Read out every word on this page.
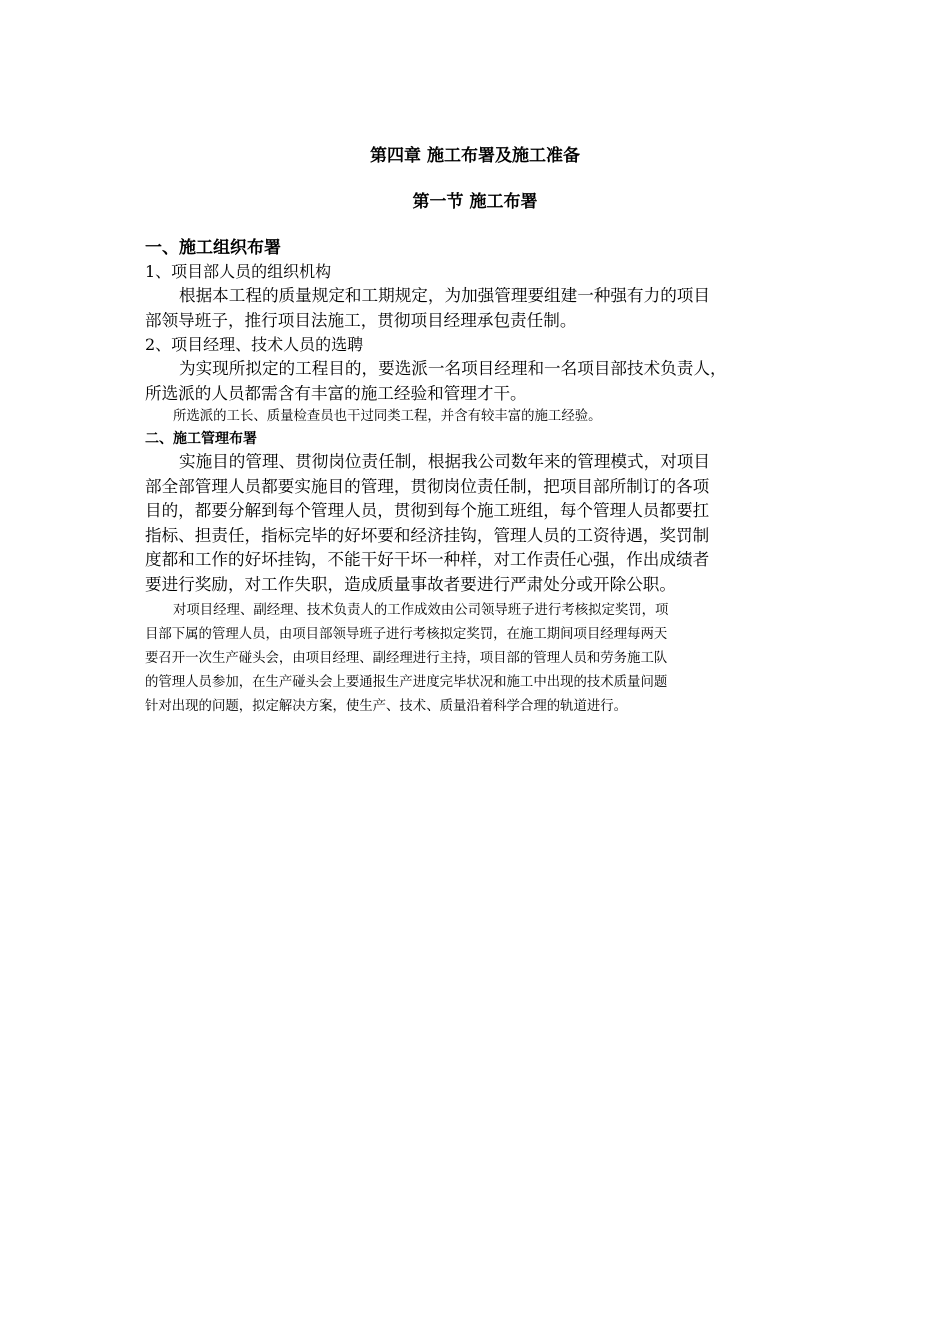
第四章 施工布署及施工准备
第一节 施工布署

一、施工组织布署

1、项目部人员的组织机构

根据本工程的质量规定和工期规定，为加强管理要组建一种强有力的项目
部领导班子，推行项目法施工，贯彻项目经理承包责任制。

2、项目经理、技术人员的选聘

为实现所拟定的工程目的，要选派一名项目经理和一名项目部技术负责人，
所选派的人员都需含有丰富的施工经验和管理才干。

所选派的工长、质量检查员也干过同类工程，并含有较丰富的施工经验。

二、施工管理布署

实施目的管理、贯彻岗位责任制，根据我公司数年来的管理模式，对项目
部全部管理人员都要实施目的管理，贯彻岗位责任制，把项目部所制订的各项
目的，都要分解到每个管理人员，贯彻到每个施工班组，每个管理人员都要扛
指标、担责任，指标完毕的好坏要和经济挂钩，管理人员的工资待遇，奖罚制
度都和工作的好坏挂钩，不能干好干坏一种样，对工作责任心强，作出成绩者
要进行奖励，对工作失职，造成质量事故者要进行严肃处分或开除公职。

对项目经理、副经理、技术负责人的工作成效由公司领导班子进行考核拟定奖罚，项
目部下属的管理人员，由项目部领导班子进行考核拟定奖罚，在施工期间项目经理每两天
要召开一次生产碰头会，由项目经理、副经理进行主持，项目部的管理人员和劳务施工队
的管理人员参加，在生产碰头会上要通报生产进度完毕状况和施工中出现的技术质量问题
针对出现的问题，拟定解决方案，使生产、技术、质量沿着科学合理的轨道进行。
